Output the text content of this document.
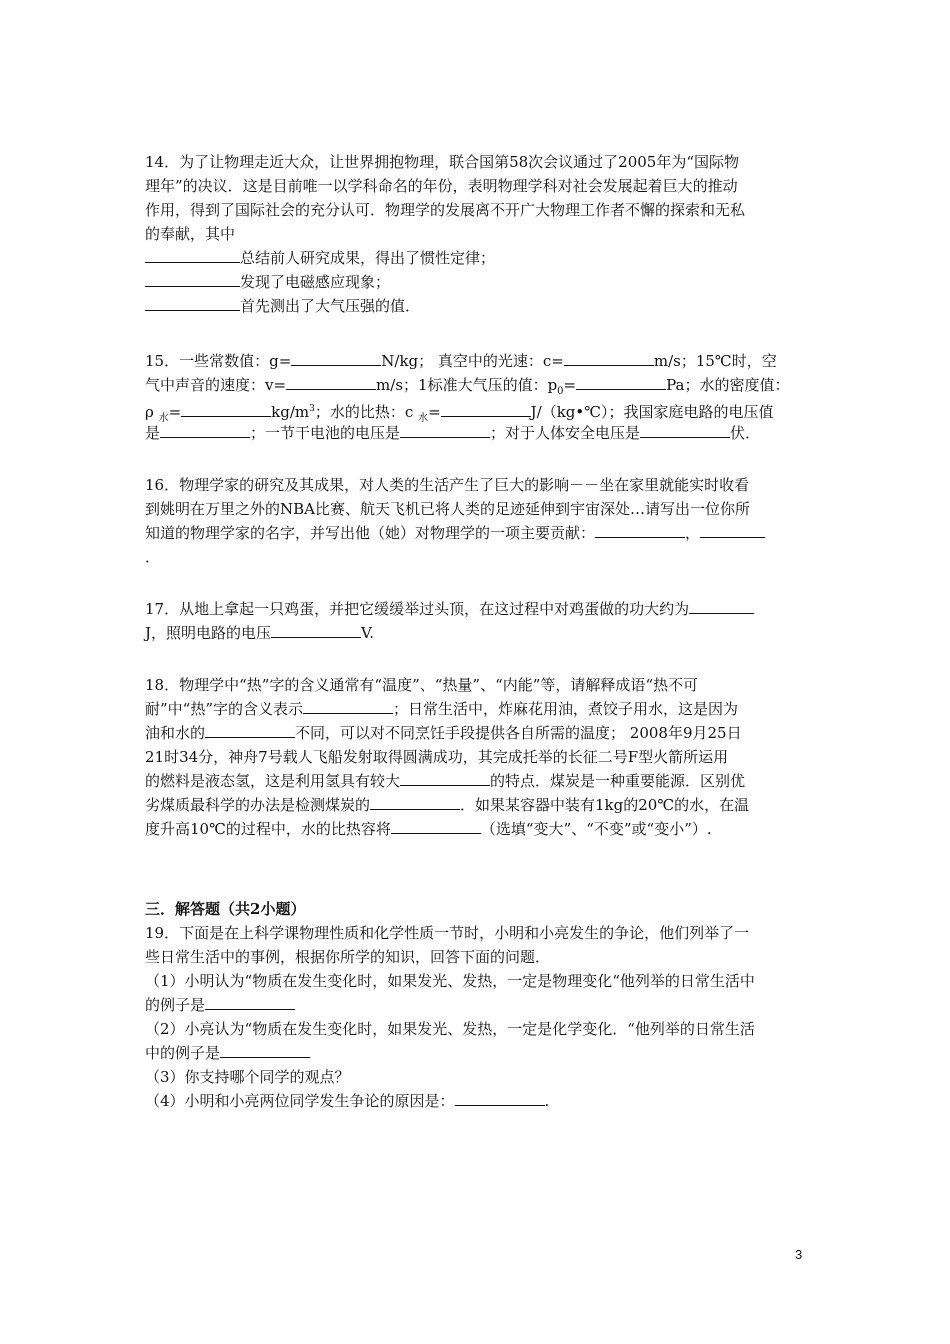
14．为了让物理走近大众，让世界拥抱物理，联合国第58次会议通过了2005年为“国际物
理年”的决议．这是目前唯一以学科命名的年份，表明物理学科对社会发展起着巨大的推动
作用，得到了国际社会的充分认可．物理学的发展离不开广大物理工作者不懈的探索和无私
的奉献，其中
总结前人研究成果，得出了惯性定律；
发现了电磁感应现象；
首先测出了大气压强的值．
15．一些常数值：g=	N/kg； 真空中的光速：c=	m/s；15℃时，空
气中声音的速度：v=	m/s；1标准大气压的值：$p_0=$	Pa；水的密度值：
ρ $_水$=	$kg/m^3$；水的比热：c $_水$=	J/（kg•℃）；我国家庭电路的电压值
是	；一节干电池的电压是	；对于人体安全电压是	伏．
16．物理学家的研究及其成果，对人类的生活产生了巨大的影响－－坐在家里就能实时收看
到姚明在万里之外的NBA比赛、航天飞机已将人类的足迹延伸到宇宙深处…请写出一位你所
知道的物理学家的名字，并写出他（她）对物理学的一项主要贡献：	，
．
17．从地上拿起一只鸡蛋，并把它缓缓举过头顶，在这过程中对鸡蛋做的功大约为
J，照明电路的电压	V.
18．物理学中“热”字的含义通常有“温度”、“热量”、“内能”等，请解释成语“热不可
耐”中“热”字的含义表示	；日常生活中，炸麻花用油，煮饺子用水，这是因为
油和水的	不同，可以对不同烹饪手段提供各自所需的温度； 2008年9月25日
21时34分，神舟7号载人飞船发射取得圆满成功，其完成托举的长征二号F型火箭所运用
的燃料是液态氢，这是利用氢具有较大	的特点．煤炭是一种重要能源．区别优
劣煤质最科学的办法是检测煤炭的	．如果某容器中装有1kg的20℃的水，在温
度升高10℃的过程中，水的比热容将	（选填“变大”、“不变”或“变小”）.
三．解答题（共2小题）
19．下面是在上科学课物理性质和化学性质一节时，小明和小亮发生的争论，他们列举了一
些日常生活中的事例，根据你所学的知识，回答下面的问题．
（1）小明认为“物质在发生变化时，如果发光、发热，一定是物理变化“他列举的日常生活中
的例子是
（2）小亮认为“物质在发生变化时，如果发光、发热，一定是化学变化．“他列举的日常生活
中的例子是
（3）你支持哪个同学的观点？
（4）小明和小亮两位同学发生争论的原因是：	.
3
